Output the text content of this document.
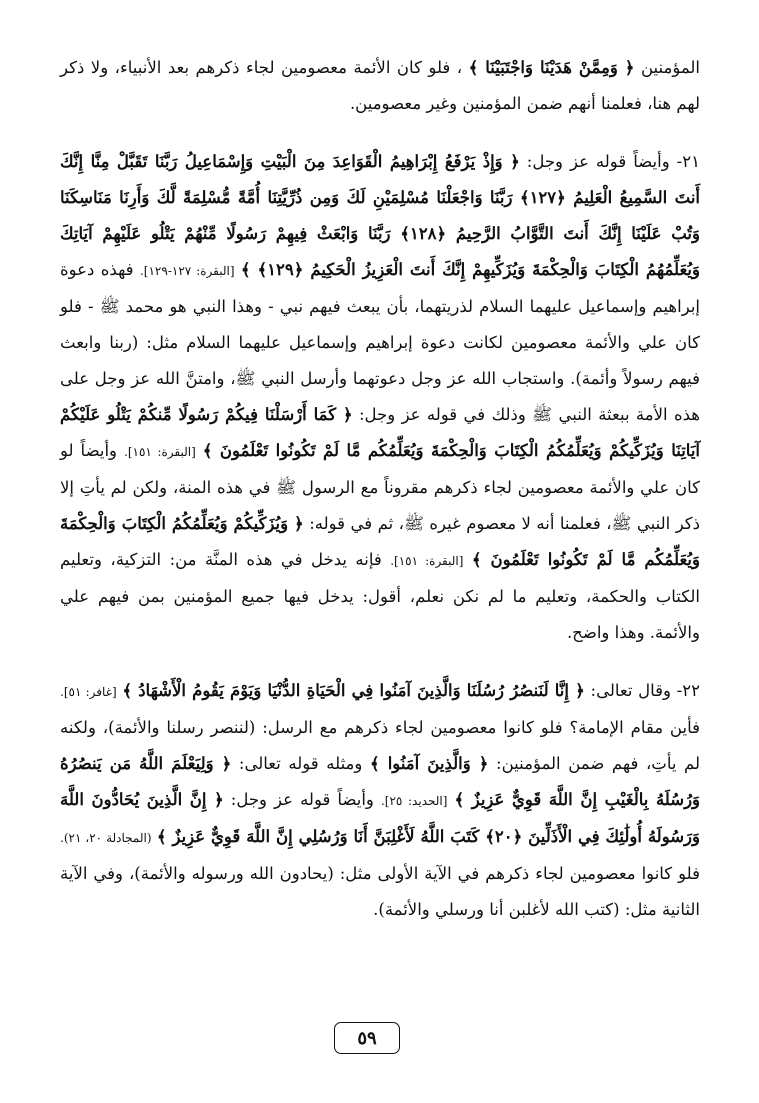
المؤمنين ﴿ وَمِمَّنْ هَدَيْنَا وَاجْتَبَيْنَا ﴾ ، فلو كان الأئمة معصومين لجاء ذكرهم بعد الأنبياء، ولا ذكر لهم هنا، فعلمنا أنهم ضمن المؤمنين وغير معصومين.

٢١- وأيضاً قوله عز وجل: ﴿ وَإِذْ يَرْفَعُ إِبْرَاهِيمُ الْقَوَاعِدَ مِنَ الْبَيْتِ وَإِسْمَاعِيلُ رَبَّنَا تَقَبَّلْ مِنَّا إِنَّكَ أَنتَ السَّمِيعُ الْعَلِيمُ ﴿١٢٧﴾ رَبَّنَا وَاجْعَلْنَا مُسْلِمَيْنِ لَكَ وَمِن ذُرِّيَّتِنَا أُمَّةً مُّسْلِمَةً لَّكَ وَأَرِنَا مَنَاسِكَنَا وَتُبْ عَلَيْنَا إِنَّكَ أَنتَ التَّوَّابُ الرَّحِيمُ ﴿١٢٨﴾ رَبَّنَا وَابْعَثْ فِيهِمْ رَسُولًا مِّنْهُمْ يَتْلُو عَلَيْهِمْ آيَاتِكَ وَيُعَلِّمُهُمُ الْكِتَابَ وَالْحِكْمَةَ وَيُزَكِّيهِمْ إِنَّكَ أَنتَ الْعَزِيزُ الْحَكِيمُ ﴿١٢٩﴾ ﴾ [البقرة: ١٢٧-١٢٩]. فهذه دعوة إبراهيم وإسماعيل عليهما السلام لذريتهما، بأن يبعث فيهم نبي - وهذا النبي هو محمد ﷺ - فلو كان علي والأئمة معصومين لكانت دعوة إبراهيم وإسماعيل عليهما السلام مثل: (ربنا وابعث فيهم رسولاً وأئمة). واستجاب الله عز وجل دعوتهما وأرسل النبي ﷺ، وامتنَّ الله عز وجل على هذه الأمة ببعثة النبي ﷺ وذلك في قوله عز وجل: ﴿ كَمَا أَرْسَلْنَا فِيكُمْ رَسُولًا مِّنكُمْ يَتْلُو عَلَيْكُمْ آيَاتِنَا وَيُزَكِّيكُمْ وَيُعَلِّمُكُمُ الْكِتَابَ وَالْحِكْمَةَ وَيُعَلِّمُكُم مَّا لَمْ تَكُونُوا تَعْلَمُونَ ﴾ [البقرة: ١٥١]. وأيضاً لو كان علي والأئمة معصومين لجاء ذكرهم مقروناً مع الرسول ﷺ في هذه المنة، ولكن لم يأتِ إلا ذكر النبي ﷺ، فعلمنا أنه لا معصوم غيره ﷺ، ثم في قوله: ﴿ وَيُزَكِّيكُمْ وَيُعَلِّمُكُمُ الْكِتَابَ وَالْحِكْمَةَ وَيُعَلِّمُكُم مَّا لَمْ تَكُونُوا تَعْلَمُونَ ﴾ [البقرة: ١٥١]. فإنه يدخل في هذه المنَّة من: التزكية، وتعليم الكتاب والحكمة، وتعليم ما لم نكن نعلم، أقول: يدخل فيها جميع المؤمنين بمن فيهم علي والأئمة. وهذا واضح.

٢٢- وقال تعالى: ﴿ إِنَّا لَنَنصُرُ رُسُلَنَا وَالَّذِينَ آمَنُوا فِي الْحَيَاةِ الدُّنْيَا وَيَوْمَ يَقُومُ الْأَشْهَادُ ﴾ [غافر: ٥١]. فأين مقام الإمامة؟ فلو كانوا معصومين لجاء ذكرهم مع الرسل: (لننصر رسلنا والأئمة)، ولكنه لم يأتِ، فهم ضمن المؤمنين: ﴿ وَالَّذِينَ آمَنُوا ﴾ ومثله قوله تعالى: ﴿ وَلِيَعْلَمَ اللَّهُ مَن يَنصُرُهُ وَرُسُلَهُ بِالْغَيْبِ إِنَّ اللَّهَ قَوِيٌّ عَزِيزٌ ﴾ [الحديد: ٢٥]. وأيضاً قوله عز وجل: ﴿ إِنَّ الَّذِينَ يُحَادُّونَ اللَّهَ وَرَسُولَهُ أُولَٰئِكَ فِي الْأَذَلِّينَ ﴿٢٠﴾ كَتَبَ اللَّهُ لَأَغْلِبَنَّ أَنَا وَرُسُلِي إِنَّ اللَّهَ قَوِيٌّ عَزِيزٌ ﴾ (المجادلة ٢٠، ٢١). فلو كانوا معصومين لجاء ذكرهم في الآية الأولى مثل: (يحادون الله ورسوله والأئمة)، وفي الآية الثانية مثل: (كتب الله لأغلبن أنا ورسلي والأئمة).

٥٩
